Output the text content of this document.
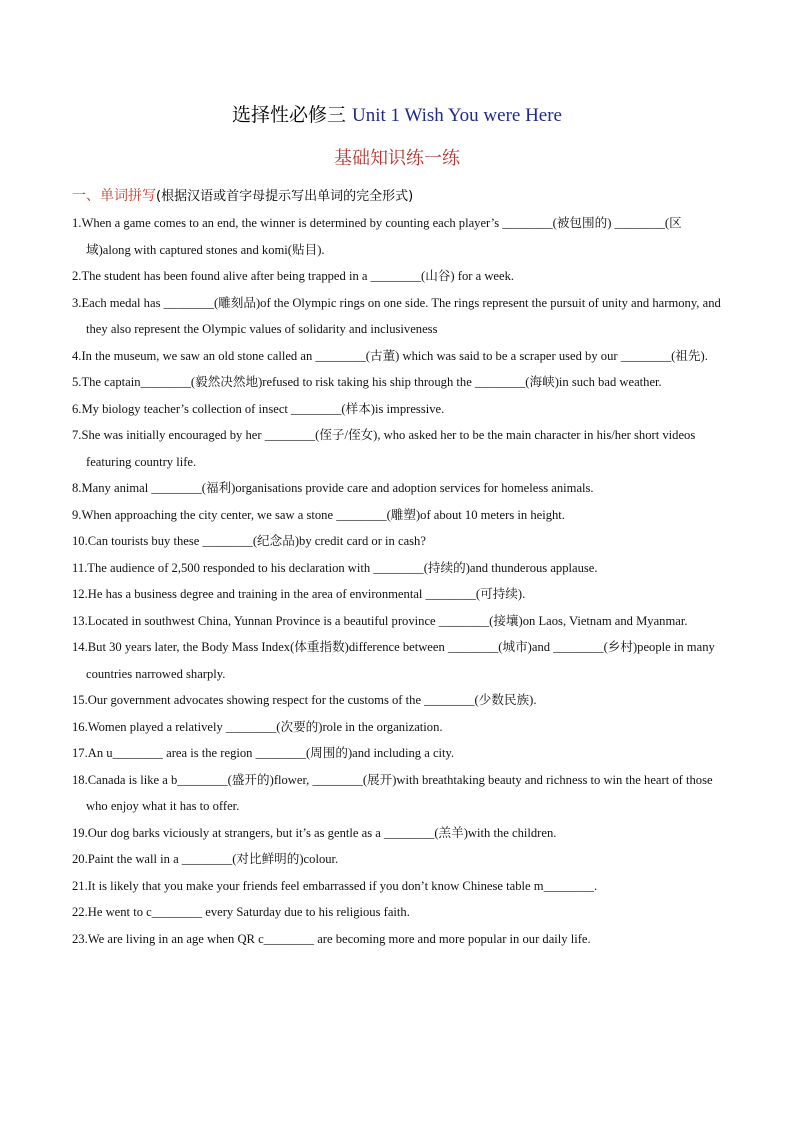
选择性必修三 Unit 1 Wish You were Here
基础知识练一练
一、单词拼写(根据汉语或首字母提示写出单词的完全形式)

1.When a game comes to an end, the winner is determined by counting each player’s ________(被包围的) ________(区域)along with captured stones and komi(贴目).

2.The student has been found alive after being trapped in a ________(山谷) for a week.

3.Each medal has ________(雕刻品)of the Olympic rings on one side. The rings represent the pursuit of unity and harmony, and they also represent the Olympic values of solidarity and inclusiveness

4.In the museum, we saw an old stone called an ________(古董) which was said to be a scraper used by our ________(祖先).

5.The captain________(毅然决然地)refused to risk taking his ship through the ________(海峡)in such bad weather.

6.My biology teacher’s collection of insect ________(样本)is impressive.

7.She was initially encouraged by her ________(侄子/侄女), who asked her to be the main character in his/her short videos featuring country life.

8.Many animal ________(福利)organisations provide care and adoption services for homeless animals.

9.When approaching the city center, we saw a stone ________(雕塑)of about 10 meters in height.

10.Can tourists buy these ________(纪念品)by credit card or in cash?

11.The audience of 2,500 responded to his declaration with ________(持续的)and thunderous applause.

12.He has a business degree and training in the area of environmental ________(可持续).

13.Located in southwest China, Yunnan Province is a beautiful province ________(接壤)on Laos, Vietnam and Myanmar.

14.But 30 years later, the Body Mass Index(体重指数)difference between ________(城市)and ________(乡村)people in many countries narrowed sharply.

15.Our government advocates showing respect for the customs of the ________(少数民族).

16.Women played a relatively ________(次要的)role in the organization.

17.An u________ area is the region ________(周围的)and including a city.

18.Canada is like a b________(盛开的)flower, ________(展开)with breathtaking beauty and richness to win the heart of those who enjoy what it has to offer.

19.Our dog barks viciously at strangers, but it’s as gentle as a ________(羔羊)with the children.

20.Paint the wall in a ________(对比鲜明的)colour.

21.It is likely that you make your friends feel embarrassed if you don’t know Chinese table m________.

22.He went to c________ every Saturday due to his religious faith.

23.We are living in an age when QR c________ are becoming more and more popular in our daily life.
